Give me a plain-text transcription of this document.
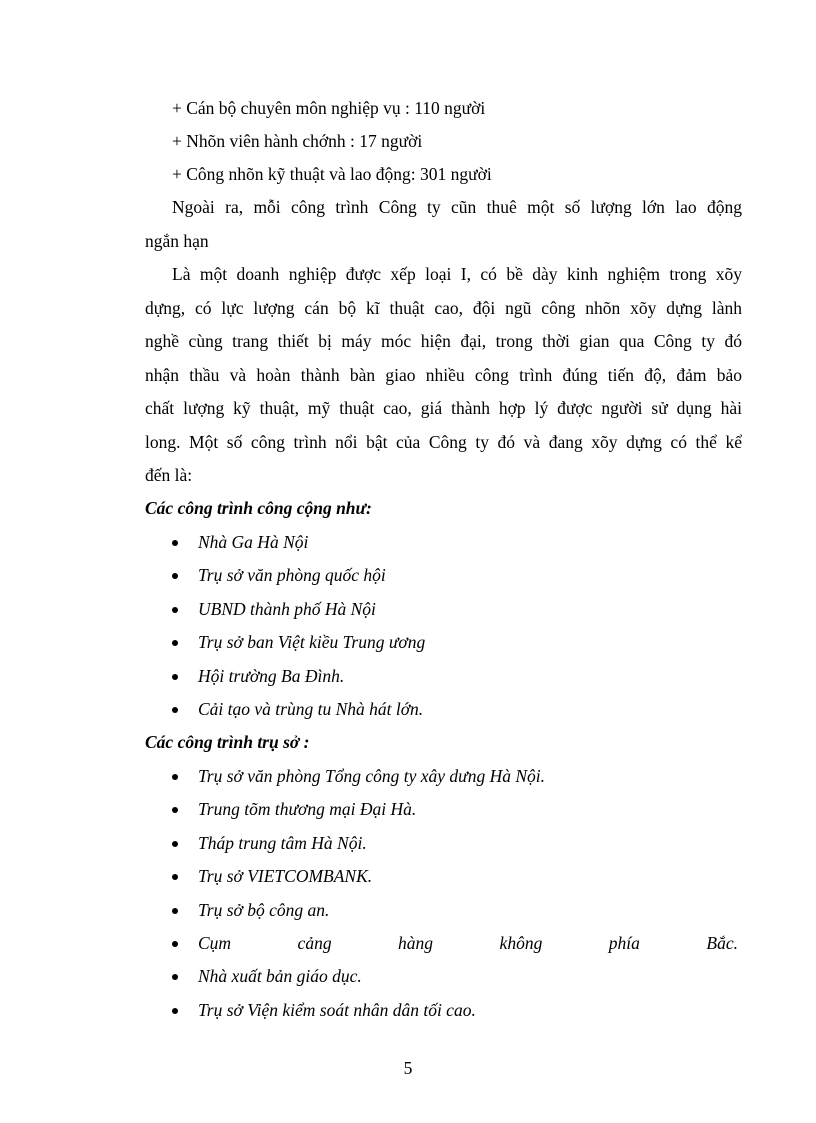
+ Cán bộ chuyên môn nghiệp vụ : 110 người
+ Nhõn viên hành chớnh : 17 người
+ Công nhõn kỹ thuật và lao động: 301 người
Ngoài ra, mỗi công trình Công ty cũn thuê một số lượng lớn lao động
ngắn hạn
Là một doanh nghiệp được xếp loại I, có bề dày kinh nghiệm trong xõy
dựng, có lực lượng cán bộ kĩ thuật cao, đội ngũ công nhõn xõy dựng lành
nghề cùng trang thiết bị máy móc hiện đại, trong thời gian qua Công ty đó
nhận thầu và hoàn thành bàn giao nhiều công trình đúng tiến độ, đảm bảo
chất lượng kỹ thuật, mỹ thuật cao, giá thành hợp lý được người sử dụng hài
long. Một số công trình nổi bật của Công ty đó và đang xõy dựng có thể kể
đến là:
Các công trình công cộng như:
Nhà Ga Hà Nội
Trụ sở văn phòng quốc hội
UBND thành phố Hà Nội
Trụ sở ban Việt kiều Trung ương
Hội trường Ba Đình.
Cải tạo và trùng tu Nhà hát lớn.
Các công trình trụ sở :
Trụ sở văn phòng Tổng công ty xây dưng Hà Nội.
Trung tõm thương mại Đại Hà.
Tháp trung tâm Hà Nội.
Trụ sở VIETCOMBANK.
Trụ sở bộ công an.
Cụm cảng hàng không phía Bắc.
Nhà xuất bản giáo dục.
Trụ sở Viện kiểm soát nhân dân tối cao.
5
